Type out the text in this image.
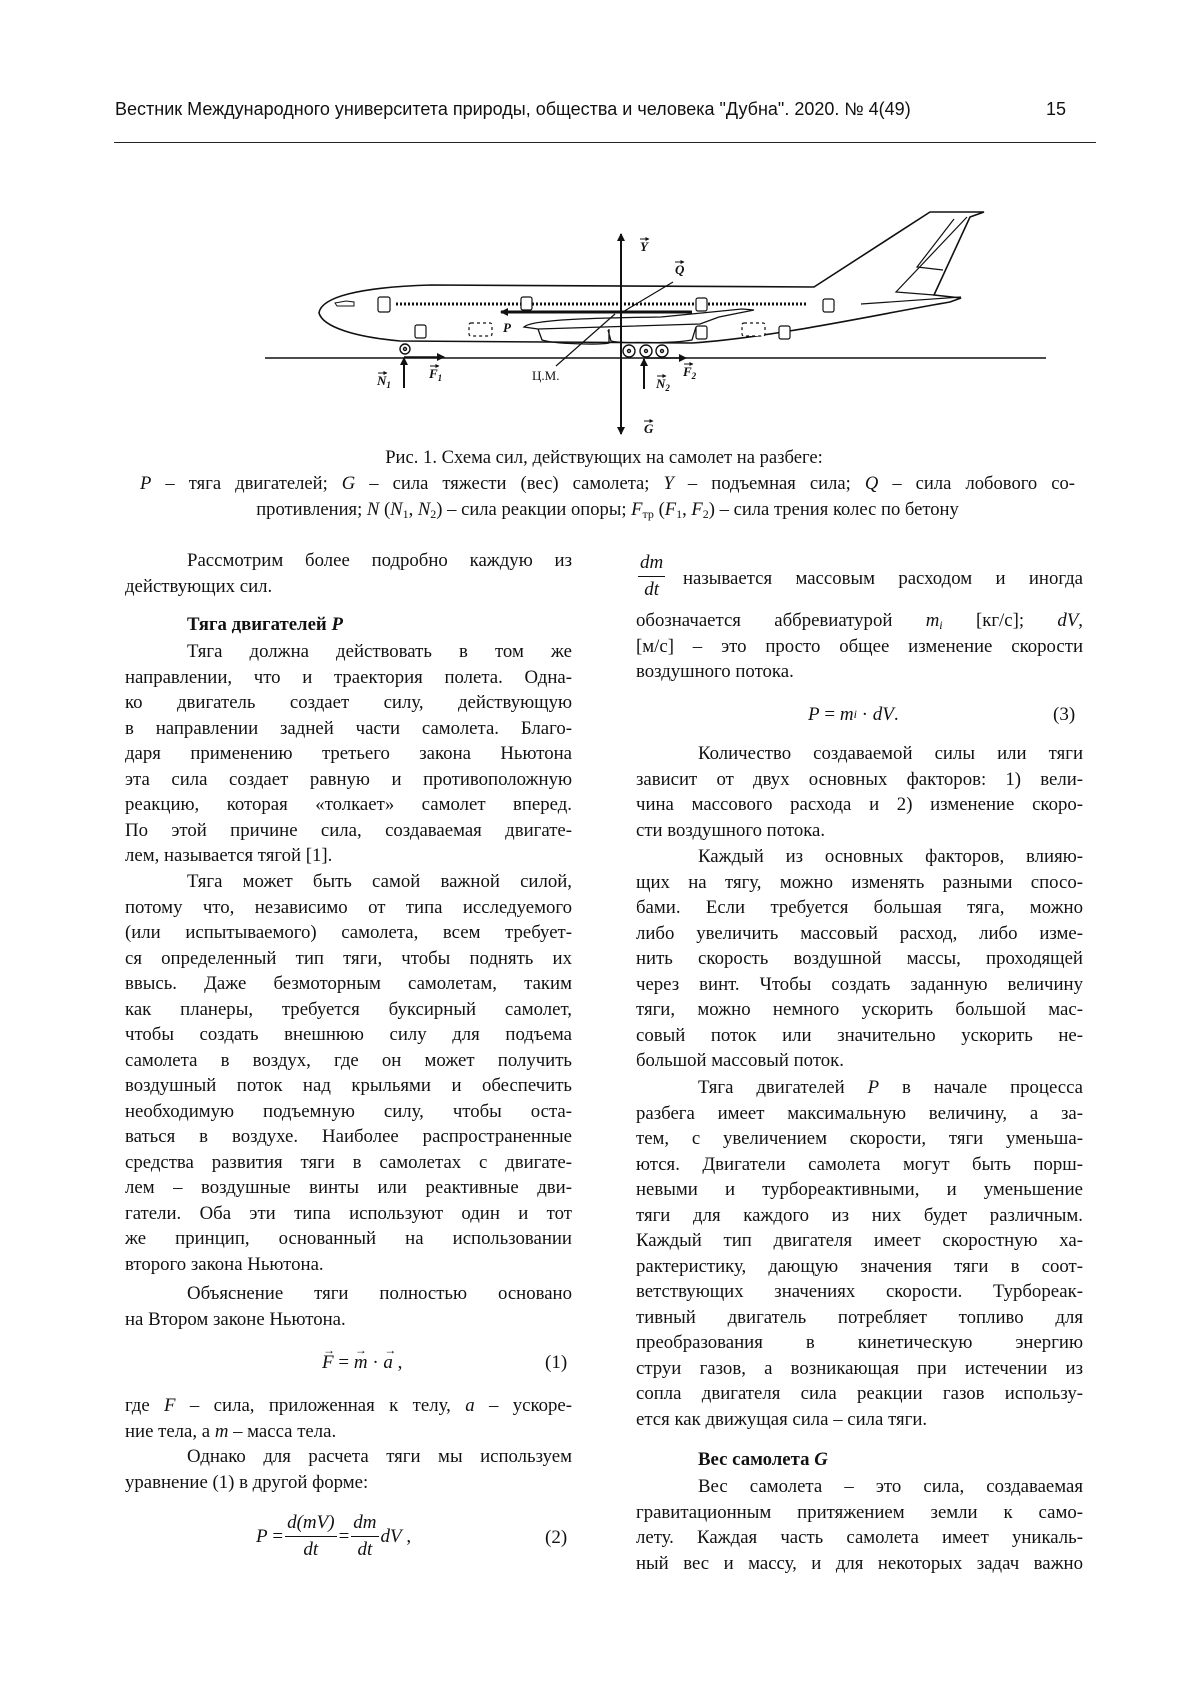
Вестник Международного университета природы, общества и человека "Дубна". 2020. № 4(49)	15
Y
Q
P
G
N1
F1	N2
F2
Ц.М.
Рис. 1. Схема сил, действующих на самолет на разбеге:
P – тяга двигателей; G – сила тяжести (вес) самолета; Y – подъемная сила; Q – сила лобового со-
противления; N (N1, N2) – сила реакции опоры; Fтр (F1, F2) – сила трения колес по бетону
Рассмотрим более подробно каждую из
действующих сил.
Тяга двигателей P
Тяга должна действовать в том же
направлении, что и траектория полета. Одна-
ко двигатель создает силу, действующую
в направлении задней части самолета. Благо-
даря применению третьего закона Ньютона
эта сила создает равную и противоположную
реакцию, которая «толкает» самолет вперед.
По этой причине сила, создаваемая двигате-
лем, называется тягой [1].
Тяга может быть самой важной силой,
потому что, независимо от типа исследуемого
(или испытываемого) самолета, всем требует-
ся определенный тип тяги, чтобы поднять их
ввысь. Даже безмоторным самолетам, таким
как планеры, требуется буксирный самолет,
чтобы создать внешнюю силу для подъема
самолета в воздух, где он может получить
воздушный поток над крыльями и обеспечить
необходимую подъемную силу, чтобы оста-
ваться в воздухе. Наиболее распространенные
средства развития тяги в самолетах с двигате-
лем – воздушные винты или реактивные дви-
гатели. Оба эти типа используют один и тот
же принцип, основанный на использовании
второго закона Ньютона.
Объяснение тяги полностью основано
на Втором законе Ньютона.
→ F
=

→ m
·

→ a
,	(1)
где F – сила, приложенная к телу, a – ускоре-
ние тела, а m – масса тела.
Однако для расчета тяги мы используем
уравнение (1) в другой форме:
P
=
d(mV)
dt
=
dm
dt
dV
,	(2)
dm
dt
называется массовым расходом и иногда
обозначается аббревиатурой mi [кг/с]; dV,
[м/с] – это просто общее изменение скорости
воздушного потока.
P
=
m i
·
dV .	(3)
Количество создаваемой силы или тяги
зависит от двух основных факторов: 1) вели-
чина массового расхода и 2) изменение скоро-
сти воздушного потока.
Каждый из основных факторов, влияю-
щих на тягу, можно изменять разными спосо-
бами. Если требуется большая тяга, можно
либо увеличить массовый расход, либо изме-
нить скорость воздушной массы, проходящей
через винт. Чтобы создать заданную величину
тяги, можно немного ускорить большой мас-
совый поток или значительно ускорить не-
большой массовый поток.
Тяга двигателей P в начале процесса
разбега имеет максимальную величину, а за-
тем, с увеличением скорости, тяги уменьша-
ются. Двигатели самолета могут быть порш-
невыми и турбореактивными, и уменьшение
тяги для каждого из них будет различным.
Каждый тип двигателя имеет скоростную ха-
рактеристику, дающую значения тяги в соот-
ветствующих значениях скорости. Турбореак-
тивный двигатель потребляет топливо для
преобразования в кинетическую энергию
струи газов, а возникающая при истечении из
сопла двигателя сила реакции газов использу-
ется как движущая сила – сила тяги.
Вес самолета G
Вес самолета – это сила, создаваемая
гравитационным притяжением земли к само-
лету. Каждая часть самолета имеет уникаль-
ный вес и массу, и для некоторых задач важно
